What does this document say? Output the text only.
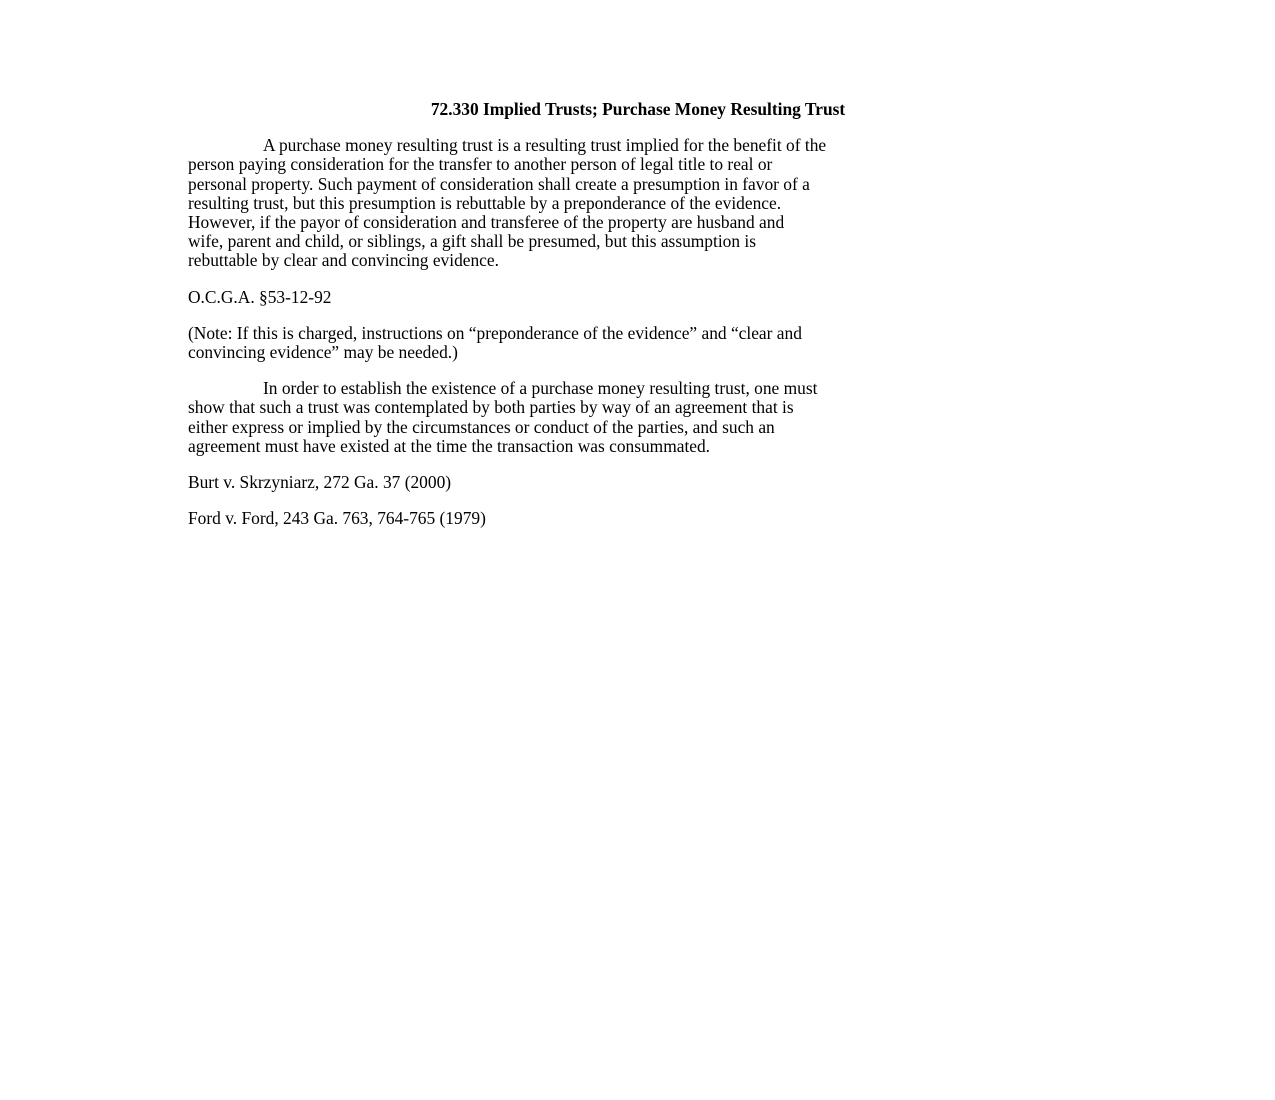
72.330 Implied Trusts; Purchase Money Resulting Trust
A purchase money resulting trust is a resulting trust implied for the benefit of the
person paying consideration for the transfer to another person of legal title to real or
personal property. Such payment of consideration shall create a presumption in favor of a
resulting trust, but this presumption is rebuttable by a preponderance of the evidence.
However, if the payor of consideration and transferee of the property are husband and
wife, parent and child, or siblings, a gift shall be presumed, but this assumption is
rebuttable by clear and convincing evidence.
O.C.G.A. §53-12-92
(Note: If this is charged, instructions on “preponderance of the evidence” and “clear and
convincing evidence” may be needed.)
In order to establish the existence of a purchase money resulting trust, one must
show that such a trust was contemplated by both parties by way of an agreement that is
either express or implied by the circumstances or conduct of the parties, and such an
agreement must have existed at the time the transaction was consummated.
Burt v. Skrzyniarz, 272 Ga. 37 (2000)
Ford v. Ford, 243 Ga. 763, 764-765 (1979)
